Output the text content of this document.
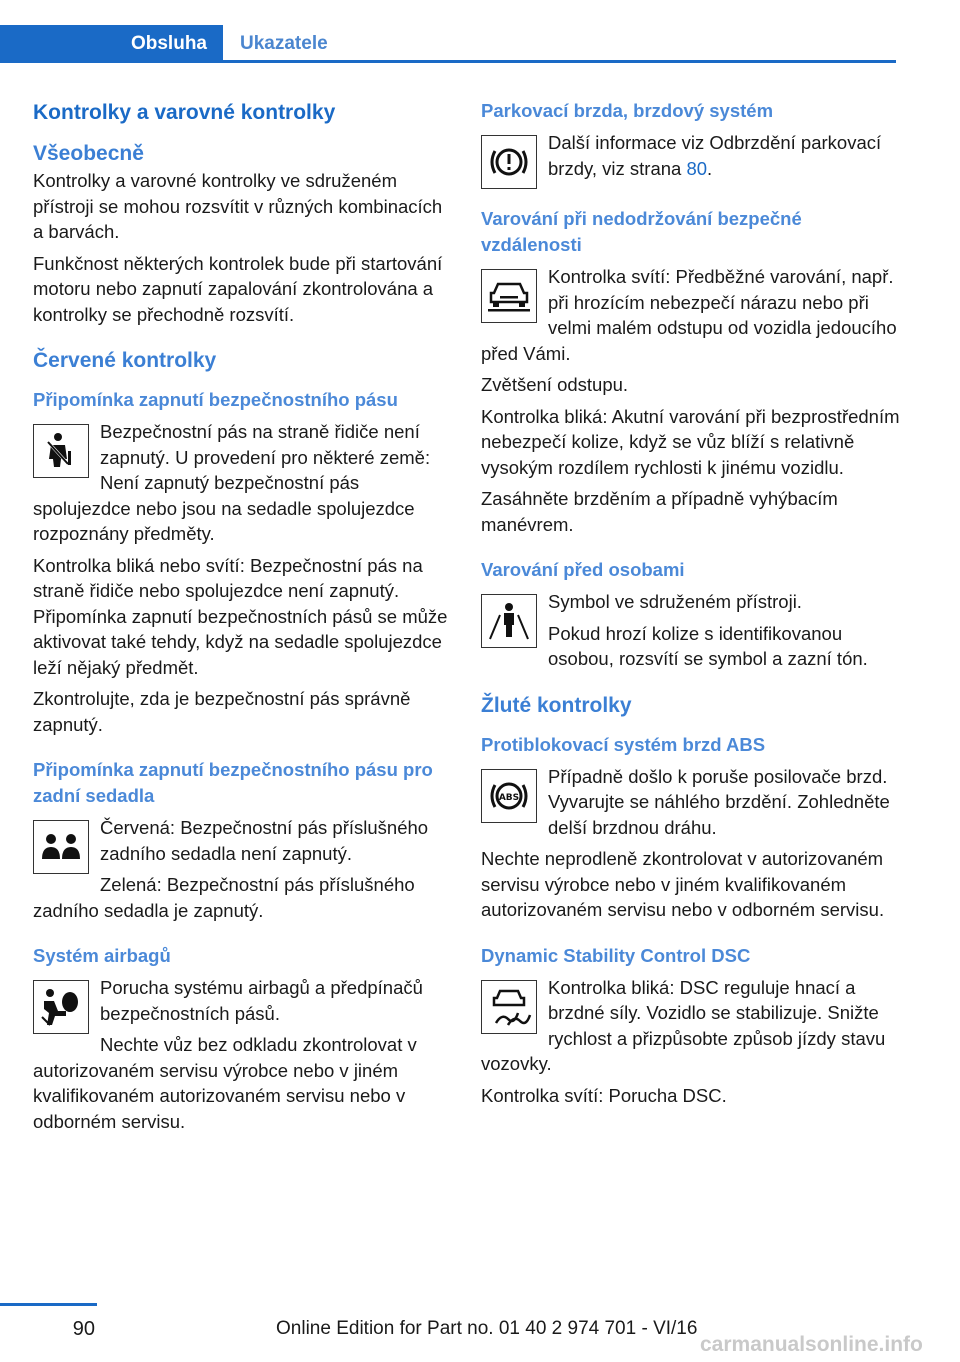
Obsluha	Ukazatele
Kontrolky a varovné kontrolky
Všeobecně

Kontrolky a varovné kontrolky ve sdruženém přístroji se mohou rozsvítit v různých kombinacích a barvách.

Funkčnost některých kontrolek bude při startování motoru nebo zapnutí zapalování zkontrolována a kontrolky se přechodně rozsvítí.

Červené kontrolky
Připomínka zapnutí bezpečnostního pásu

Bezpečnostní pás na straně řidiče není zapnutý. U provedení pro některé země: Není zapnutý bezpečnostní pás spolujezdce nebo jsou na sedadle spolujezdce rozpoznány předměty.

Kontrolka bliká nebo svítí: Bezpečnostní pás na straně řidiče nebo spolujezdce není zapnutý. Připomínka zapnutí bezpečnostních pásů se může aktivovat také tehdy, když na sedadle spolujezdce leží nějaký předmět.

Zkontrolujte, zda je bezpečnostní pás správně zapnutý.

Připomínka zapnutí bezpečnostního pásu pro zadní sedadla

Červená: Bezpečnostní pás příslušného zadního sedadla není zapnutý.

Zelená: Bezpečnostní pás příslušného zadního sedadla je zapnutý.

Systém airbagů

Porucha systému airbagů a předpínačů bezpečnostních pásů.

Nechte vůz bez odkladu zkontrolovat v autorizovaném servisu výrobce nebo v jiném kvalifikovaném autorizovaném servisu nebo v odborném servisu.

Parkovací brzda, brzdový systém

Další informace viz Odbrzdění parkovací brzdy, viz strana 80.

Varování při nedodržování bezpečné vzdálenosti

Kontrolka svítí: Předběžné varování, např. při hrozícím nebezpečí nárazu nebo při velmi malém odstupu od vozidla jedoucího před Vámi.

Zvětšení odstupu.

Kontrolka bliká: Akutní varování při bezprostředním nebezpečí kolize, když se vůz blíží s relativně vysokým rozdílem rychlosti k jinému vozidlu.

Zasáhněte brzděním a případně vyhýbacím manévrem.

Varování před osobami

Symbol ve sdruženém přístroji.

Pokud hrozí kolize s identifikovanou osobou, rozsvítí se symbol a zazní tón.

Žluté kontrolky
Protiblokovací systém brzd ABS
ABS

Případně došlo k poruše posilovače brzd. Vyvarujte se náhlého brzdění. Zohledněte delší brzdnou dráhu.

Nechte neprodleně zkontrolovat v autorizovaném servisu výrobce nebo v jiném kvalifikovaném autorizovaném servisu nebo v odborném servisu.

Dynamic Stability Control DSC

Kontrolka bliká: DSC reguluje hnací a brzdné síly. Vozidlo se stabilizuje. Snižte rychlost a přizpůsobte způsob jízdy stavu vozovky.

Kontrolka svítí: Porucha DSC.

90	Online Edition for Part no. 01 40 2 974 701 - VI/16
carmanualsonline.info
